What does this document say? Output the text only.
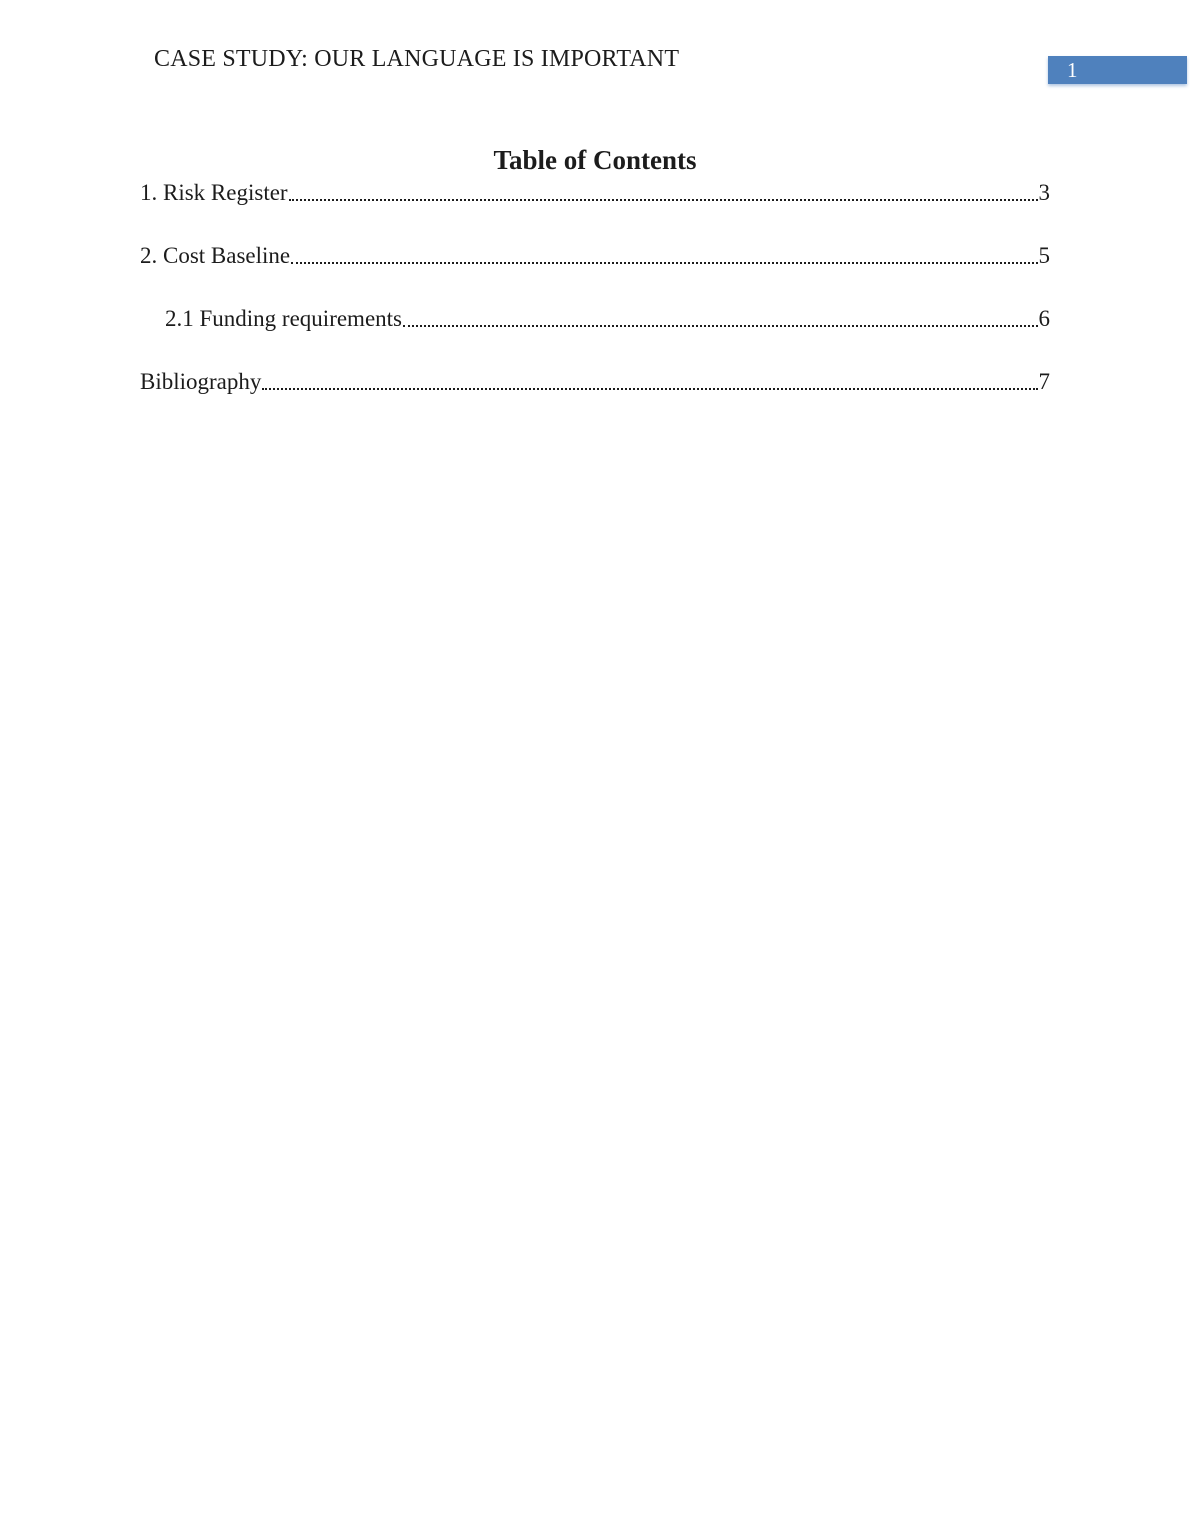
CASE STUDY: OUR LANGUAGE IS IMPORTANT	1
Table of Contents
1. Risk Register	3
2. Cost Baseline	5
2.1 Funding requirements	6
Bibliography	7
